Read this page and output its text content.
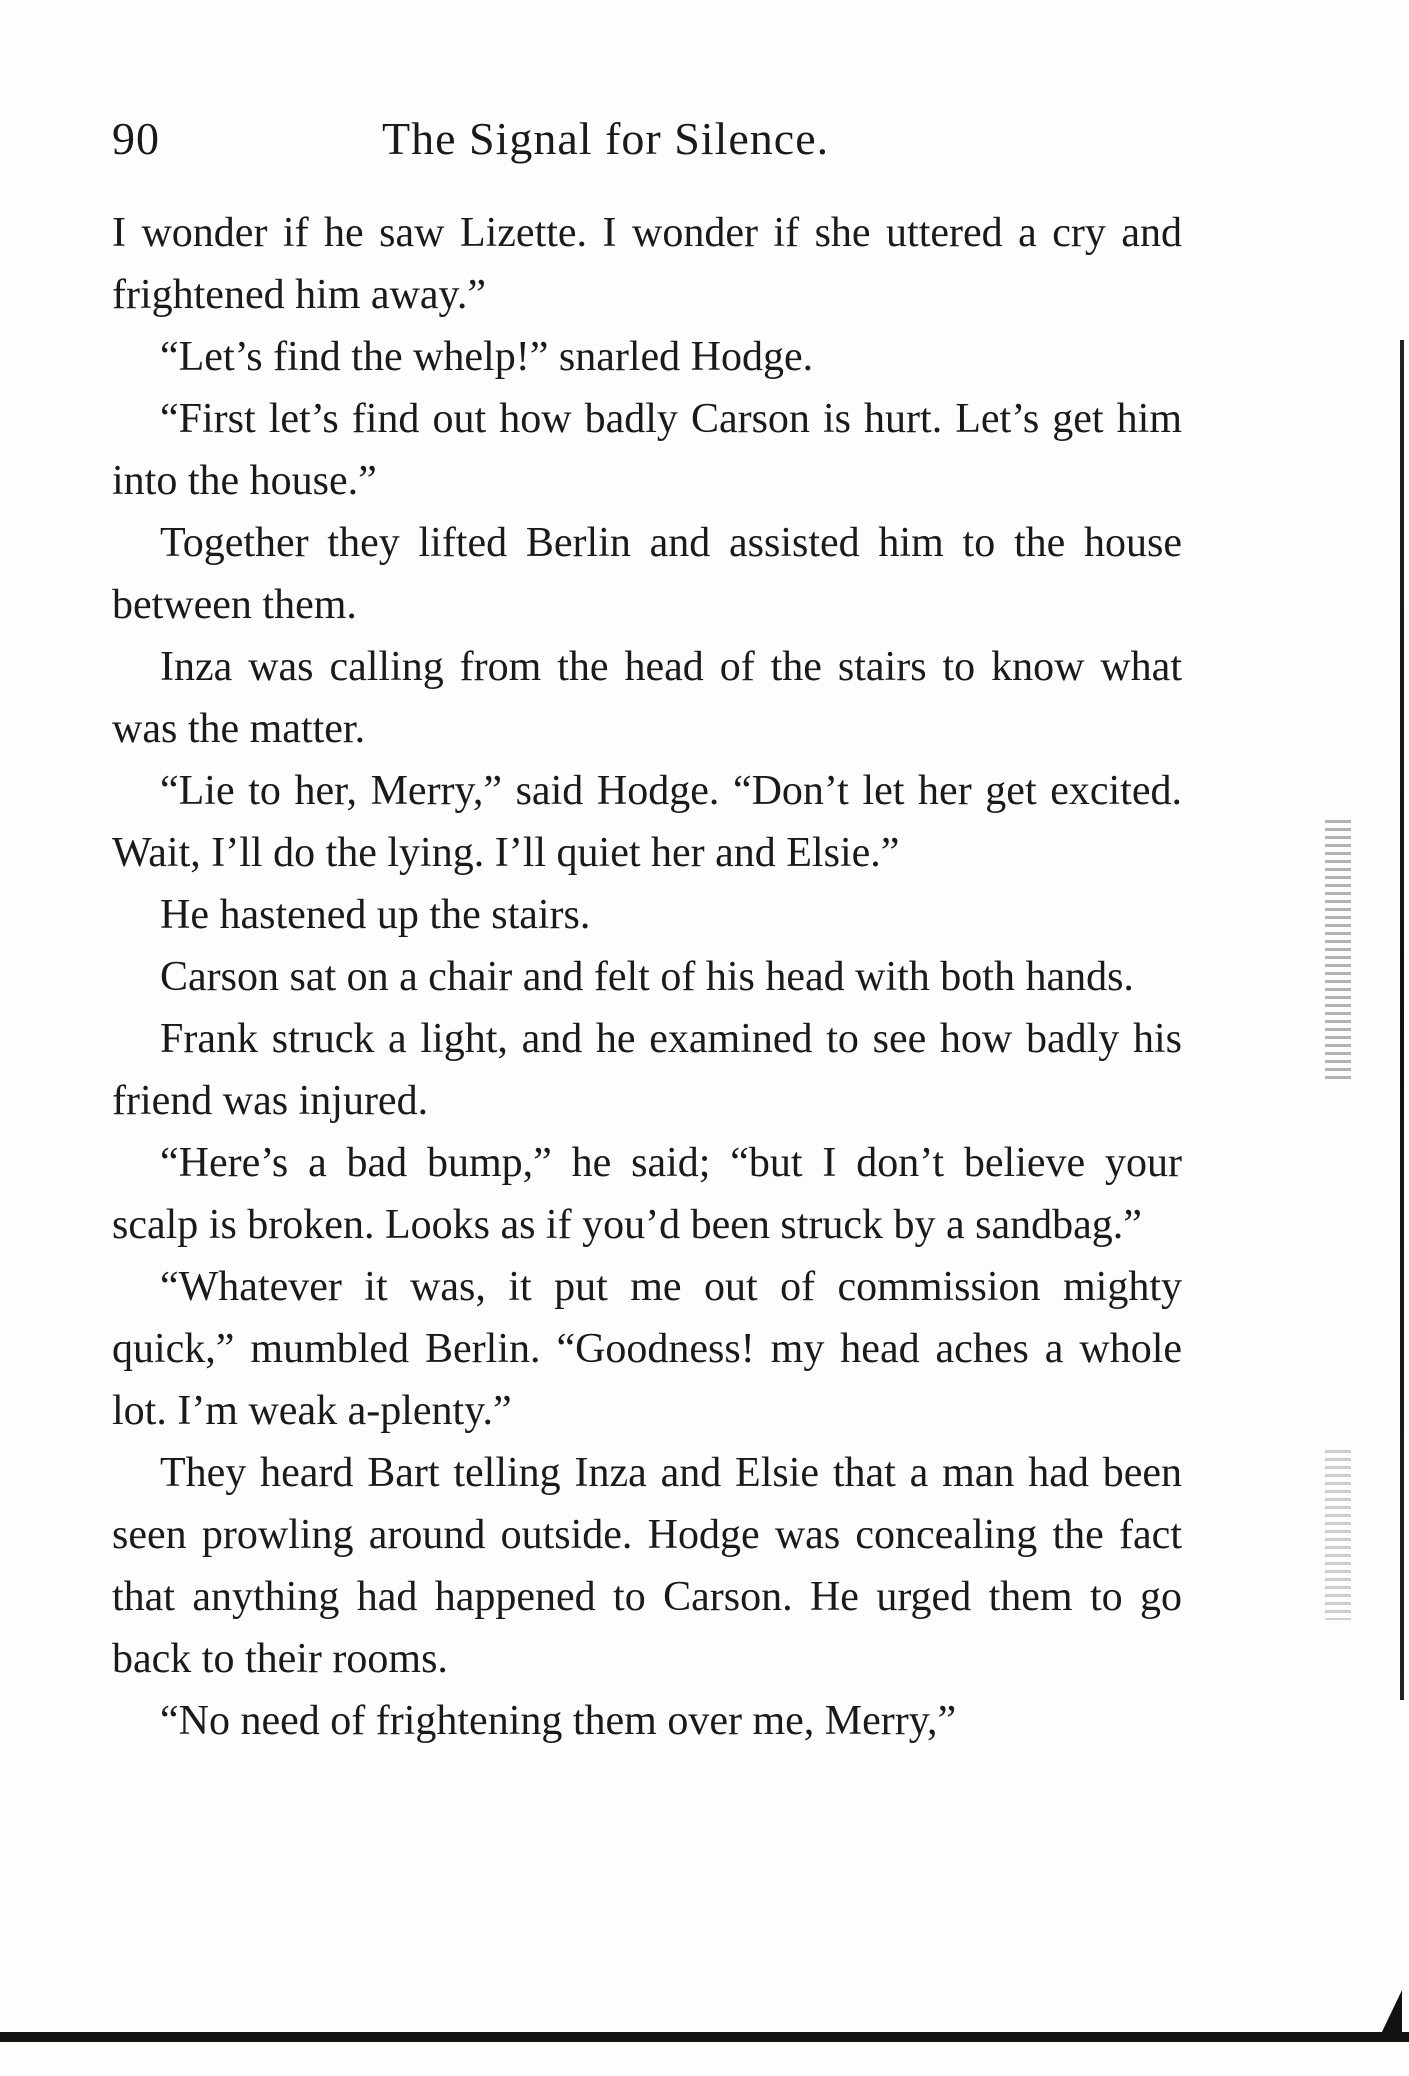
90	The Signal for Silence.

I wonder if he saw Lizette. I wonder if she uttered a cry and frightened him away.”

“Let’s find the whelp!” snarled Hodge.

“First let’s find out how badly Carson is hurt. Let’s get him into the house.”

Together they lifted Berlin and assisted him to the house between them.

Inza was calling from the head of the stairs to know what was the matter.

“Lie to her, Merry,” said Hodge. “Don’t let her get excited. Wait, I’ll do the lying. I’ll quiet her and Elsie.”

He hastened up the stairs.

Carson sat on a chair and felt of his head with both hands.

Frank struck a light, and he examined to see how badly his friend was injured.

“Here’s a bad bump,” he said; “but I don’t believe your scalp is broken. Looks as if you’d been struck by a sandbag.”

“Whatever it was, it put me out of commission mighty quick,” mumbled Berlin. “Goodness! my head aches a whole lot. I’m weak a-plenty.”

They heard Bart telling Inza and Elsie that a man had been seen prowling around outside. Hodge was concealing the fact that anything had happened to Carson. He urged them to go back to their rooms.

“No need of frightening them over me, Merry,”
